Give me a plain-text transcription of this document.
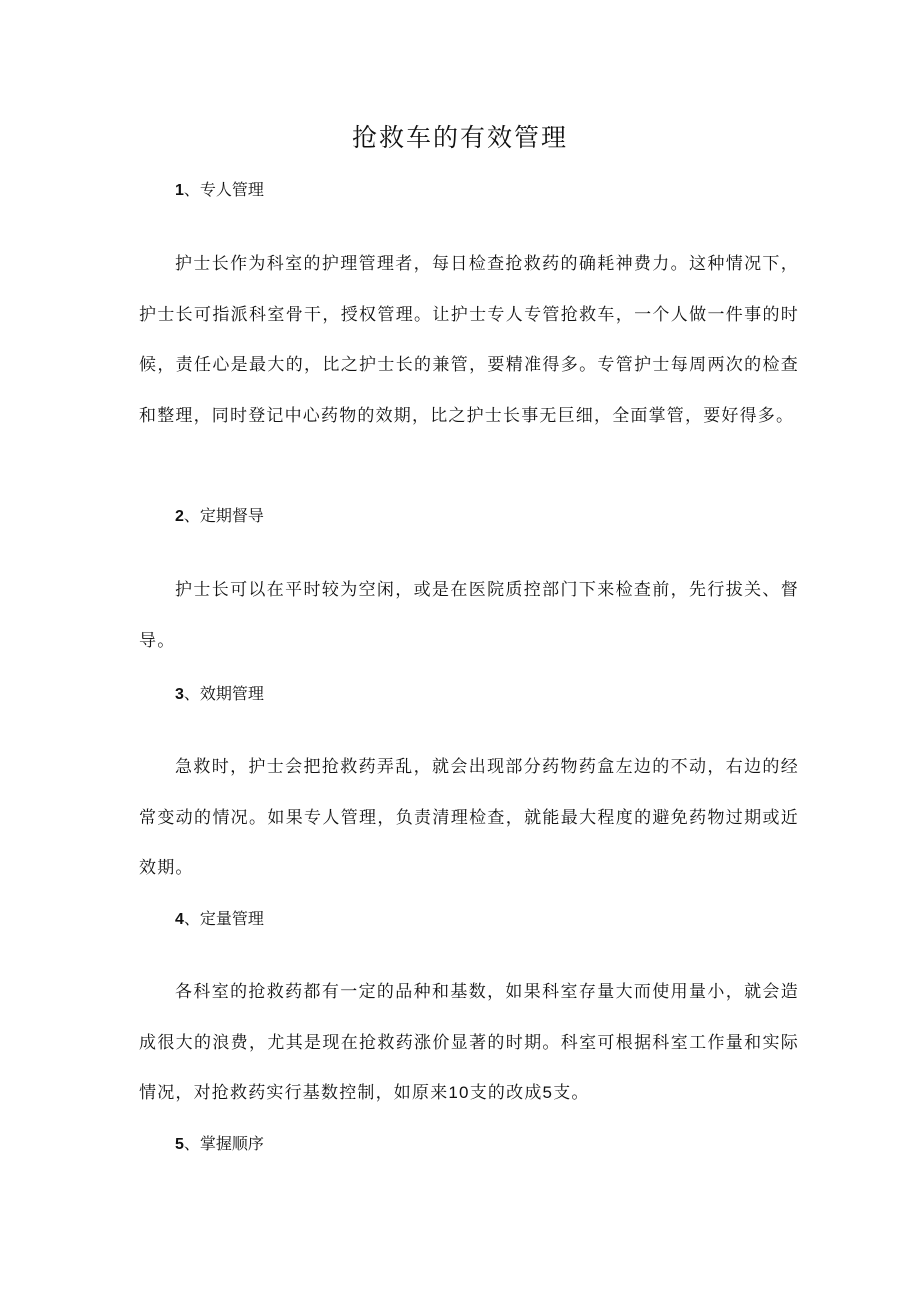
抢救车的有效管理
1、专人管理
护士长作为科室的护理管理者，每日检查抢救药的确耗神费力。这种情况下，护士长可指派科室骨干，授权管理。让护士专人专管抢救车，一个人做一件事的时候，责任心是最大的，比之护士长的兼管，要精准得多。专管护士每周两次的检查和整理，同时登记中心药物的效期，比之护士长事无巨细，全面掌管，要好得多。
2、定期督导
护士长可以在平时较为空闲，或是在医院质控部门下来检查前，先行拔关、督导。
3、效期管理
急救时，护士会把抢救药弄乱，就会出现部分药物药盒左边的不动，右边的经常变动的情况。如果专人管理，负责清理检查，就能最大程度的避免药物过期或近效期。
4、定量管理
各科室的抢救药都有一定的品种和基数，如果科室存量大而使用量小，就会造成很大的浪费，尤其是现在抢救药涨价显著的时期。科室可根据科室工作量和实际情况，对抢救药实行基数控制，如原来10支的改成5支。
5、掌握顺序
